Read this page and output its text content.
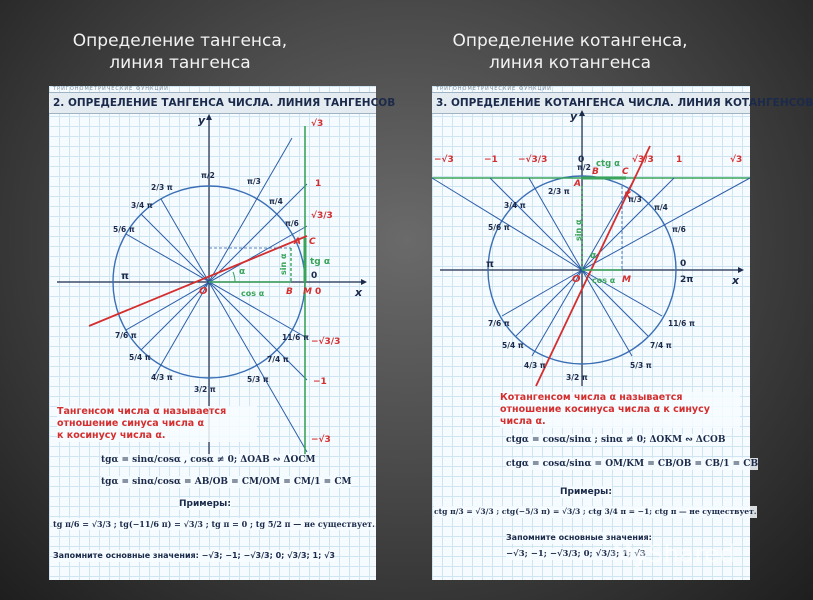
Определение тангенса,
линия тангенса
Определение котангенса,
линия котангенса
ТРИГОНОМЕТРИЧЕСКИЕ ФУНКЦИИ
2. ОПРЕДЕЛЕНИЕ ТАНГЕНСА ЧИСЛА. ЛИНИЯ ТАНГЕНСОВ
y
x
O
A
B
C
M
α	sin α
cos α
tg α
0
π
π/2
π/3
π/4
π/6
2/3 π
3/4 π
5/6 π
7/6 π
5/4 π
4/3 π
3/2 π
5/3 π
7/4 π
11/6 π
√3
1
√3/3
0
−√3/3
−1
−√3
Тангенсом числа α называется
отношение синуса числа α
к косинусу числа α.
tgα = sinα/cosα , cosα ≠ 0; ΔOAB ∾ ΔOCM
tgα = sinα/cosα = AB/OB = CM/OM = CM/1 = CM
Примеры:
tg π/6 = √3/3 ; tg(−11/6 π) = √3/3 ; tg π = 0 ; tg 5/2 π — не существует.
Запомните основные значения: −√3; −1; −√3/3; 0; √3/3; 1; √3
ТРИГОНОМЕТРИЧЕСКИЕ ФУНКЦИИ
3. ОПРЕДЕЛЕНИЕ КОТАНГЕНСА ЧИСЛА. ЛИНИЯ КОТАНГЕНСОВ
y
x
O
A
B	C
M
K
α
sin α
cos α
ctg α
0
0
2π
π
π/2
π/3
π/4
π/6
2/3 π
3/4 π
5/6 π
7/6 π
5/4 π
4/3 π
3/2 π
5/3 π
7/4 π
11/6 π
−√3	−1 −√3/3	√3/3 1	√3
Котангенсом числа α называется
отношение косинуса числа α к синусу числа α.
ctgα = cosα/sinα ; sinα ≠ 0; ΔOKM ∾ ΔCOB
ctgα = cosα/sinα = OM/KM = CB/OB = CB/1 = CB
Примеры:
ctg π/3 = √3/3 ; ctg(−5/3 π) = √3/3 ; ctg 3/4 π = −1; ctg π — не существует.
Запомните основные значения:
−√3; −1; −√3/3; 0; √3/3; 1; √3
MyShared
